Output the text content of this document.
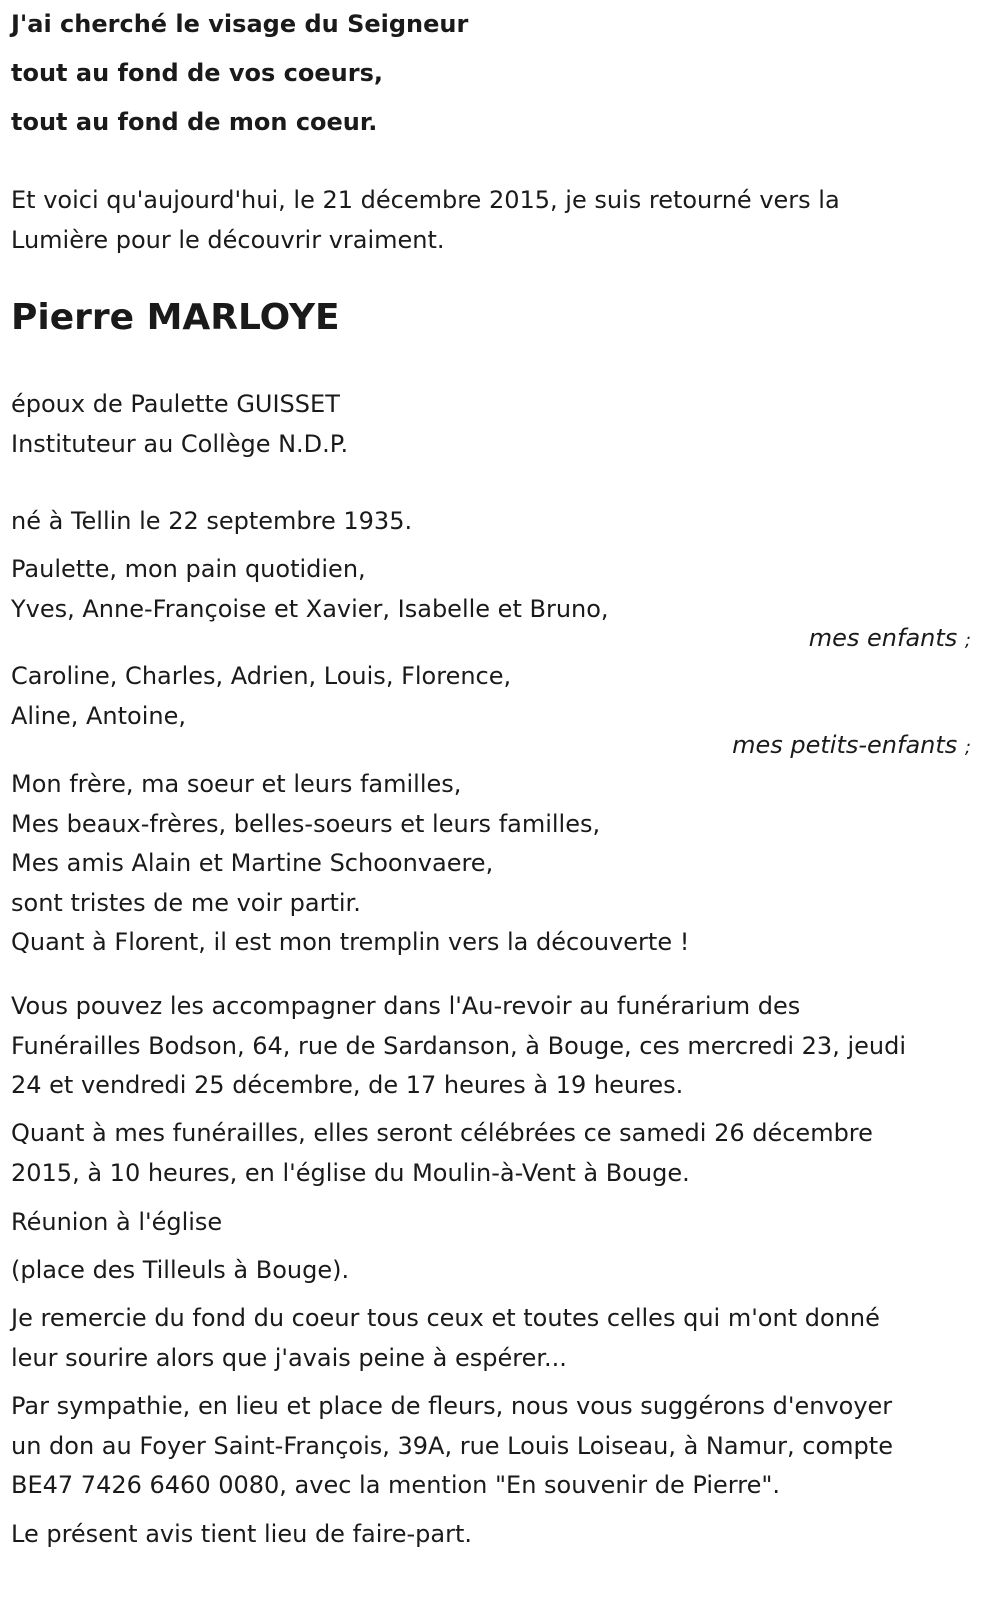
J'ai cherché le visage du Seigneur
tout au fond de vos coeurs,
tout au fond de mon coeur.
Et voici qu'aujourd'hui, le 21 décembre 2015, je suis retourné vers la
Lumière pour le découvrir vraiment.
Pierre MARLOYE
époux de Paulette GUISSET
Instituteur au Collège N.D.P.
né à Tellin le 22 septembre 1935.
Paulette, mon pain quotidien,
Yves, Anne-Françoise et Xavier, Isabelle et Bruno,
mes enfants ;
Caroline, Charles, Adrien, Louis, Florence,
Aline, Antoine,
mes petits-enfants ;
Mon frère, ma soeur et leurs familles,
Mes beaux-frères, belles-soeurs et leurs familles,
Mes amis Alain et Martine Schoonvaere,
sont tristes de me voir partir.
Quant à Florent, il est mon tremplin vers la découverte !
Vous pouvez les accompagner dans l'Au-revoir au funérarium des
Funérailles Bodson, 64, rue de Sardanson, à Bouge, ces mercredi 23, jeudi
24 et vendredi 25 décembre, de 17 heures à 19 heures.
Quant à mes funérailles, elles seront célébrées ce samedi 26 décembre
2015, à 10 heures, en l'église du Moulin-à-Vent à Bouge.
Réunion à l'église
(place des Tilleuls à Bouge).
Je remercie du fond du coeur tous ceux et toutes celles qui m'ont donné
leur sourire alors que j'avais peine à espérer...
Par sympathie, en lieu et place de fleurs, nous vous suggérons d'envoyer
un don au Foyer Saint-François, 39A, rue Louis Loiseau, à Namur, compte
BE47 7426 6460 0080, avec la mention "En souvenir de Pierre".
Le présent avis tient lieu de faire-part.
